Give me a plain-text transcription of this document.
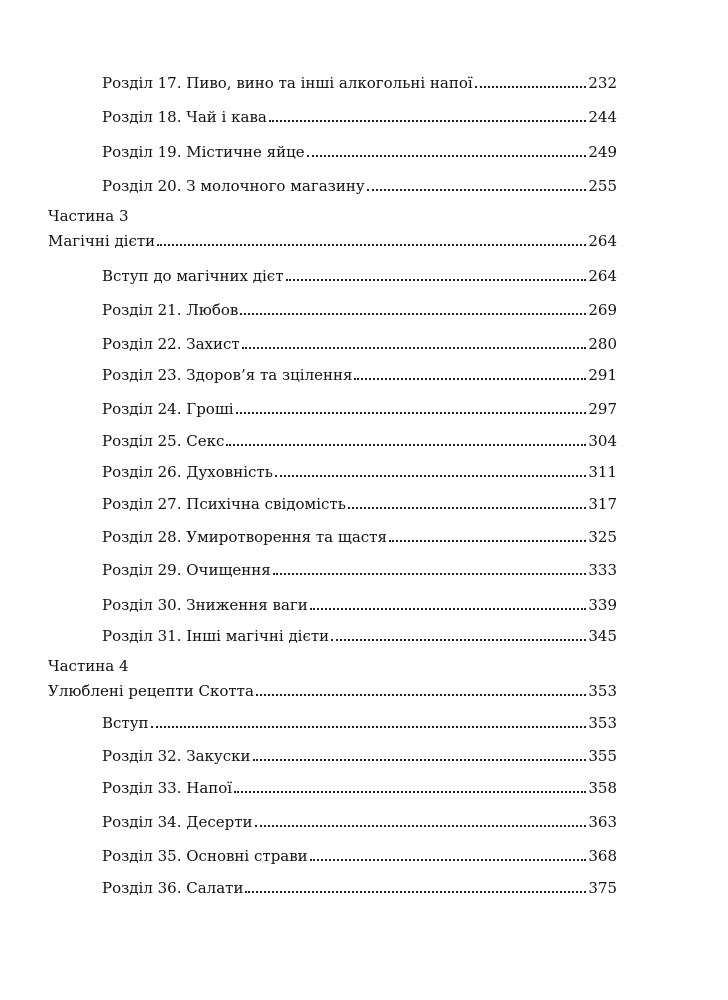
Розділ 17. Пиво, вино та інші алкогольні напої	232
Розділ 18. Чай і кава	244
Розділ 19. Містичне яйце	249
Розділ 20. З молочного магазину	255
Частина 3
Магічні дієти	264
Вступ до магічних дієт	264
Розділ 21. Любов	269
Розділ 22. Захист	280
Розділ 23. Здоров’я та зцілення	291
Розділ 24. Гроші	297
Розділ 25. Секс	304
Розділ 26. Духовність	311
Розділ 27. Психічна свідомість	317
Розділ 28. Умиротворення та щастя	325
Розділ 29. Очищення	333
Розділ 30. Зниження ваги	339
Розділ 31. Інші магічні дієти	345
Частина 4
Улюблені рецепти Скотта	353
Вступ	353
Розділ 32. Закуски	355
Розділ 33. Напої	358
Розділ 34. Десерти	363
Розділ 35. Основні страви	368
Розділ 36. Салати	375
